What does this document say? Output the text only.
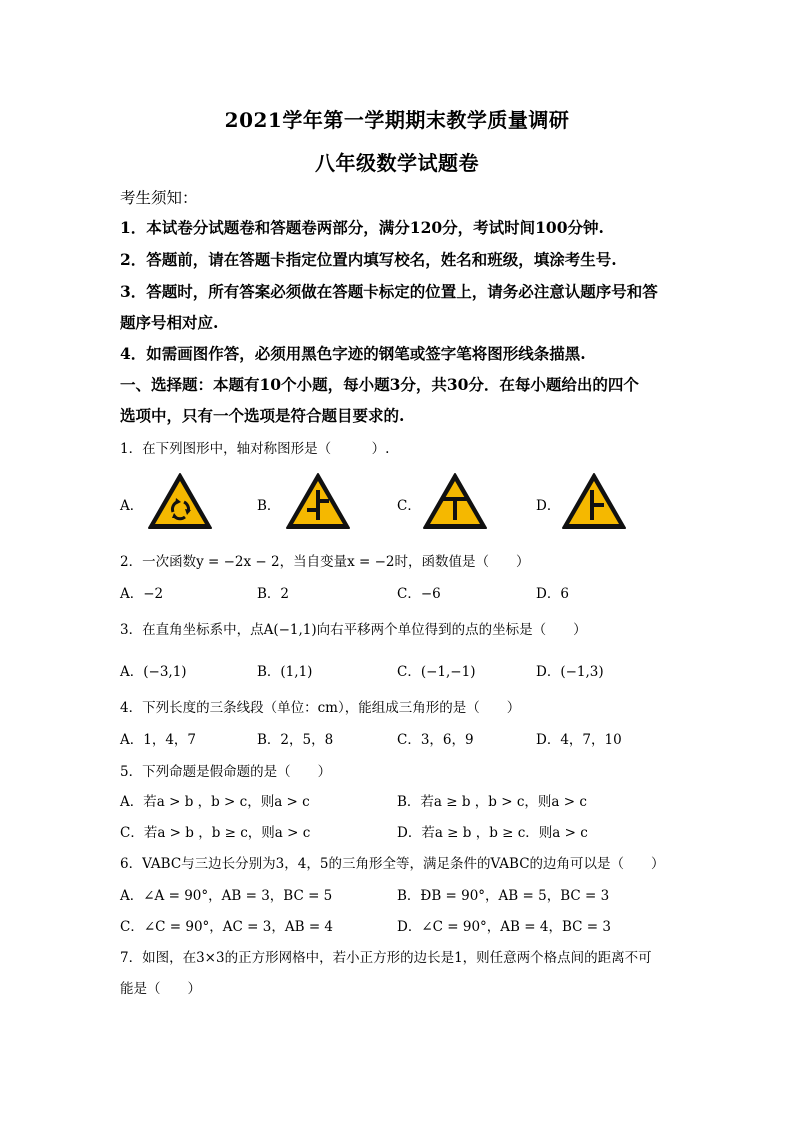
2021学年第一学期期末教学质量调研
八年级数学试题卷
考生须知：
1．本试卷分试题卷和答题卷两部分，满分120分，考试时间100分钟.
2．答题前，请在答题卡指定位置内填写校名，姓名和班级，填涂考生号.
3．答题时，所有答案必须做在答题卡标定的位置上，请务必注意认题序号和答
题序号相对应.
4．如需画图作答，必须用黑色字迹的钢笔或签字笔将图形线条描黑.
一、选择题：本题有10个小题，每小题3分，共30分．在每小题给出的四个
选项中，只有一个选项是符合题目要求的.
1．在下列图形中，轴对称图形是（　　　）.
A．	B．	C．	D．
2．一次函数y = −2x − 2，当自变量x = −2时，函数值是（　　）
A．−2	B．2	C．−6	D．6
3．在直角坐标系中，点A(−1,1)向右平移两个单位得到的点的坐标是（　　）
A．(−3,1)	B．(1,1)	C．(−1,−1)	D．(−1,3)
4．下列长度的三条线段（单位：cm），能组成三角形的是（　　）
A．1，4，7	B．2，5，8	C．3，6，9	D．4，7，10
5．下列命题是假命题的是（　　）
A．若a > b ，b > c，则a > c	B．若a ≥ b ，b > c，则a > c
C．若a > b ，b ≥ c，则a > c	D．若a ≥ b ，b ≥ c．则a > c
6．VABC与三边长分别为3，4，5的三角形全等，满足条件的VABC的边角可以是（　　）
A．∠A = 90°，AB = 3，BC = 5	B．ÐB = 90°，AB = 5，BC = 3
C．∠C = 90°，AC = 3，AB = 4	D．∠C = 90°，AB = 4，BC = 3
7．如图，在3×3的正方形网格中，若小正方形的边长是1，则任意两个格点间的距离不可
能是（　　）
